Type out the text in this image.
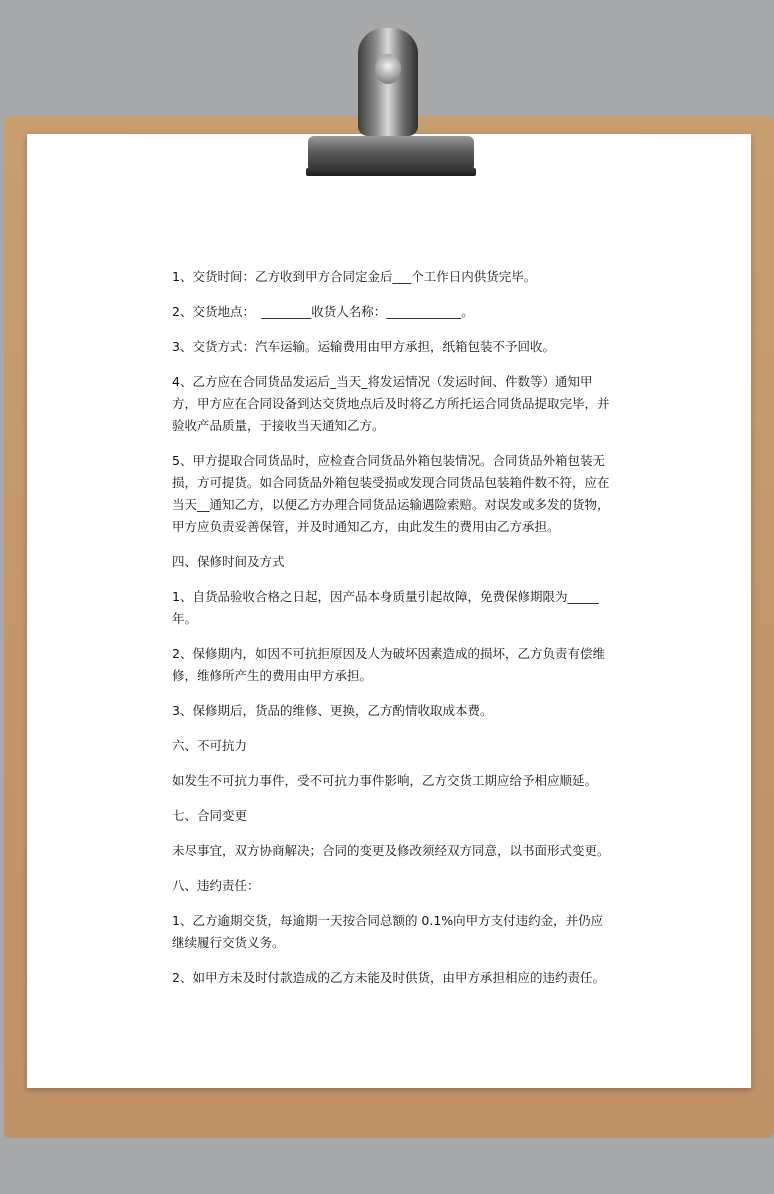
1、交货时间：乙方收到甲方合同定金后___个工作日内供货完毕。

2、交货地点：　________收货人名称：____________。

3、交货方式：汽车运输。运输费用由甲方承担，纸箱包装不予回收。

4、乙方应在合同货品发运后_当天_将发运情况（发运时间、件数等）通知甲方，甲方应在合同设备到达交货地点后及时将乙方所托运合同货品提取完毕，并验收产品质量，于接收当天通知乙方。

5、甲方提取合同货品时，应检查合同货品外箱包装情况。合同货品外箱包装无损，方可提货。如合同货品外箱包装受损或发现合同货品包装箱件数不符，应在当天__通知乙方，以便乙方办理合同货品运输遇险索赔。对误发或多发的货物，甲方应负责妥善保管，并及时通知乙方，由此发生的费用由乙方承担。

四、保修时间及方式

1、自货品验收合格之日起，因产品本身质量引起故障，免费保修期限为_____年。

2、保修期内，如因不可抗拒原因及人为破坏因素造成的损坏，乙方负责有偿维修，维修所产生的费用由甲方承担。

3、保修期后，货品的维修、更换，乙方酌情收取成本费。

六、不可抗力

如发生不可抗力事件，受不可抗力事件影响，乙方交货工期应给予相应顺延。

七、合同变更

未尽事宜，双方协商解决；合同的变更及修改须经双方同意，以书面形式变更。

八、违约责任：

1、乙方逾期交货，每逾期一天按合同总额的 0.1%向甲方支付违约金，并仍应继续履行交货义务。

2、如甲方未及时付款造成的乙方未能及时供货，由甲方承担相应的违约责任。
